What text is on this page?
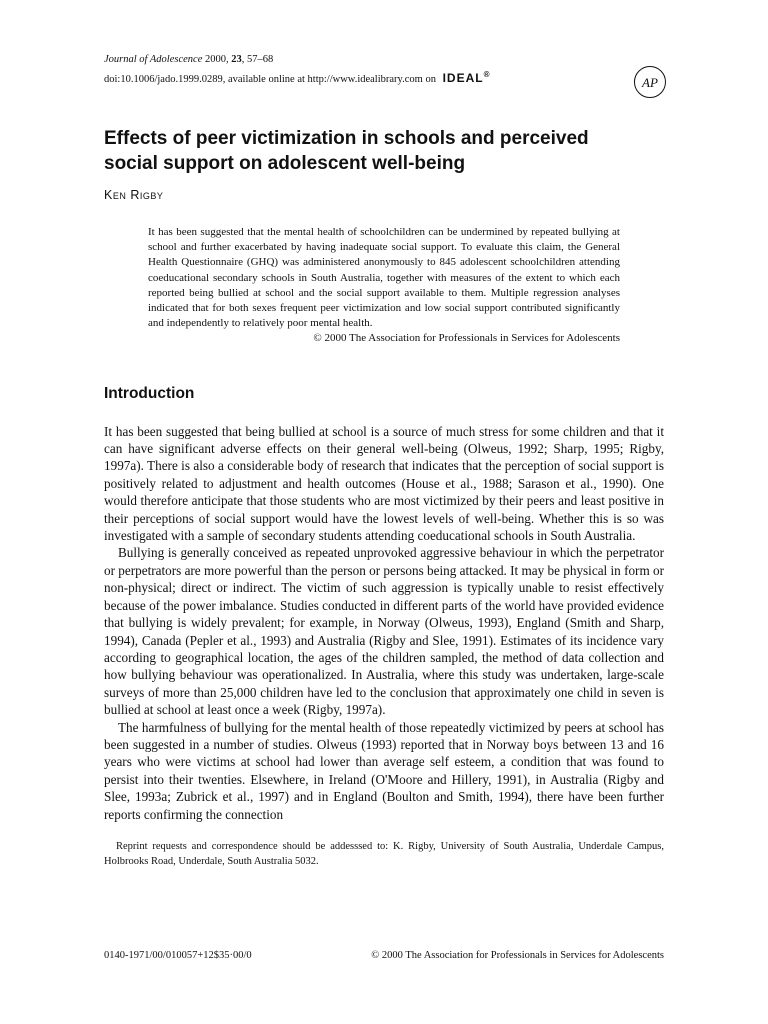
Journal of Adolescence 2000, 23, 57–68
doi:10.1006/jado.1999.0289, available online at http://www.idealibrary.com on IDEAL®	AP
Effects of peer victimization in schools and perceived
social support on adolescent well-being
Ken Rigby
It has been suggested that the mental health of schoolchildren can be undermined by repeated bullying at school and further exacerbated by having inadequate social support. To evaluate this claim, the General Health Questionnaire (GHQ) was administered anonymously to 845 adolescent schoolchildren attending coeducational secondary schools in South Australia, together with measures of the extent to which each reported being bullied at school and the social support available to them. Multiple regression analyses indicated that for both sexes frequent peer victimization and low social support contributed significantly and independently to relatively poor mental health.
© 2000 The Association for Professionals in Services for Adolescents
Introduction

It has been suggested that being bullied at school is a source of much stress for some children and that it can have significant adverse effects on their general well-being (Olweus, 1992; Sharp, 1995; Rigby, 1997a). There is also a considerable body of research that indicates that the perception of social support is positively related to adjustment and health outcomes (House et al., 1988; Sarason et al., 1990). One would therefore anticipate that those students who are most victimized by their peers and least positive in their perceptions of social support would have the lowest levels of well-being. Whether this is so was investigated with a sample of secondary students attending coeducational schools in South Australia.

Bullying is generally conceived as repeated unprovoked aggressive behaviour in which the perpetrator or perpetrators are more powerful than the person or persons being attacked. It may be physical in form or non-physical; direct or indirect. The victim of such aggression is typically unable to resist effectively because of the power imbalance. Studies conducted in different parts of the world have provided evidence that bullying is widely prevalent; for example, in Norway (Olweus, 1993), England (Smith and Sharp, 1994), Canada (Pepler et al., 1993) and Australia (Rigby and Slee, 1991). Estimates of its incidence vary according to geographical location, the ages of the children sampled, the method of data collection and how bullying behaviour was operationalized. In Australia, where this study was undertaken, large-scale surveys of more than 25,000 children have led to the conclusion that approximately one child in seven is bullied at school at least once a week (Rigby, 1997a).

The harmfulness of bullying for the mental health of those repeatedly victimized by peers at school has been suggested in a number of studies. Olweus (1993) reported that in Norway boys between 13 and 16 years who were victims at school had lower than average self esteem, a condition that was found to persist into their twenties. Elsewhere, in Ireland (O'Moore and Hillery, 1991), in Australia (Rigby and Slee, 1993a; Zubrick et al., 1997) and in England (Boulton and Smith, 1994), there have been further reports confirming the connection

Reprint requests and correspondence should be addesssed to: K. Rigby, University of South Australia, Underdale Campus, Holbrooks Road, Underdale, South Australia 5032.
0140-1971/00/010057+12$35·00/0	© 2000 The Association for Professionals in Services for Adolescents
